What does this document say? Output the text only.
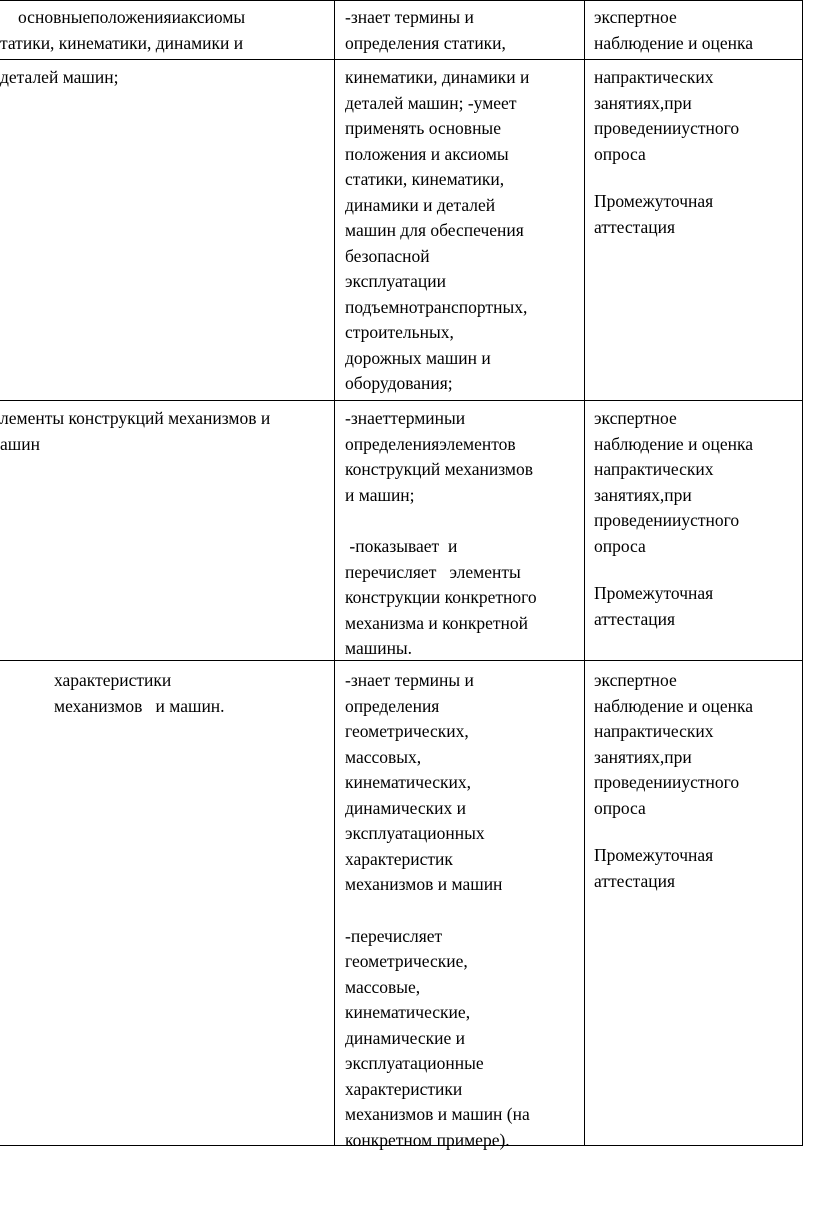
основныеположенияиаксиомы
татики, кинематики, динамики и
-знает термины и
определения статики,
экспертное
наблюдение и оценка
деталей машин;	кинематики, динамики и
деталей машин; -умеет
применять основные
положения и аксиомы
статики, кинематики,
динамики и деталей
машин для обеспечения
безопасной
эксплуатации
подъемнотранспортных,
строительных,
дорожных машин и
оборудования;
напрактических
занятиях,при
проведенииустного
опроса
Промежуточная
аттестация
лементы конструкций механизмов и
ашин
-знаеттерминыи
определенияэлементов
конструкций механизмов
и машин;
-показывает  и
перечисляет   элементы
конструкции конкретного
механизма и конкретной
машины.
экспертное
наблюдение и оценка
напрактических
занятиях,при
проведенииустного
опроса
Промежуточная
аттестация
характеристики
механизмов   и машин.
-знает термины и
определения
геометрических,
массовых,
кинематических,
динамических и
эксплуатационных
характеристик
механизмов и машин
-перечисляет
геометрические,
массовые,
кинематические,
динамические и
эксплуатационные
характеристики
механизмов и машин (на
конкретном примере).
экспертное
наблюдение и оценка
напрактических
занятиях,при
проведенииустного
опроса
Промежуточная
аттестация
